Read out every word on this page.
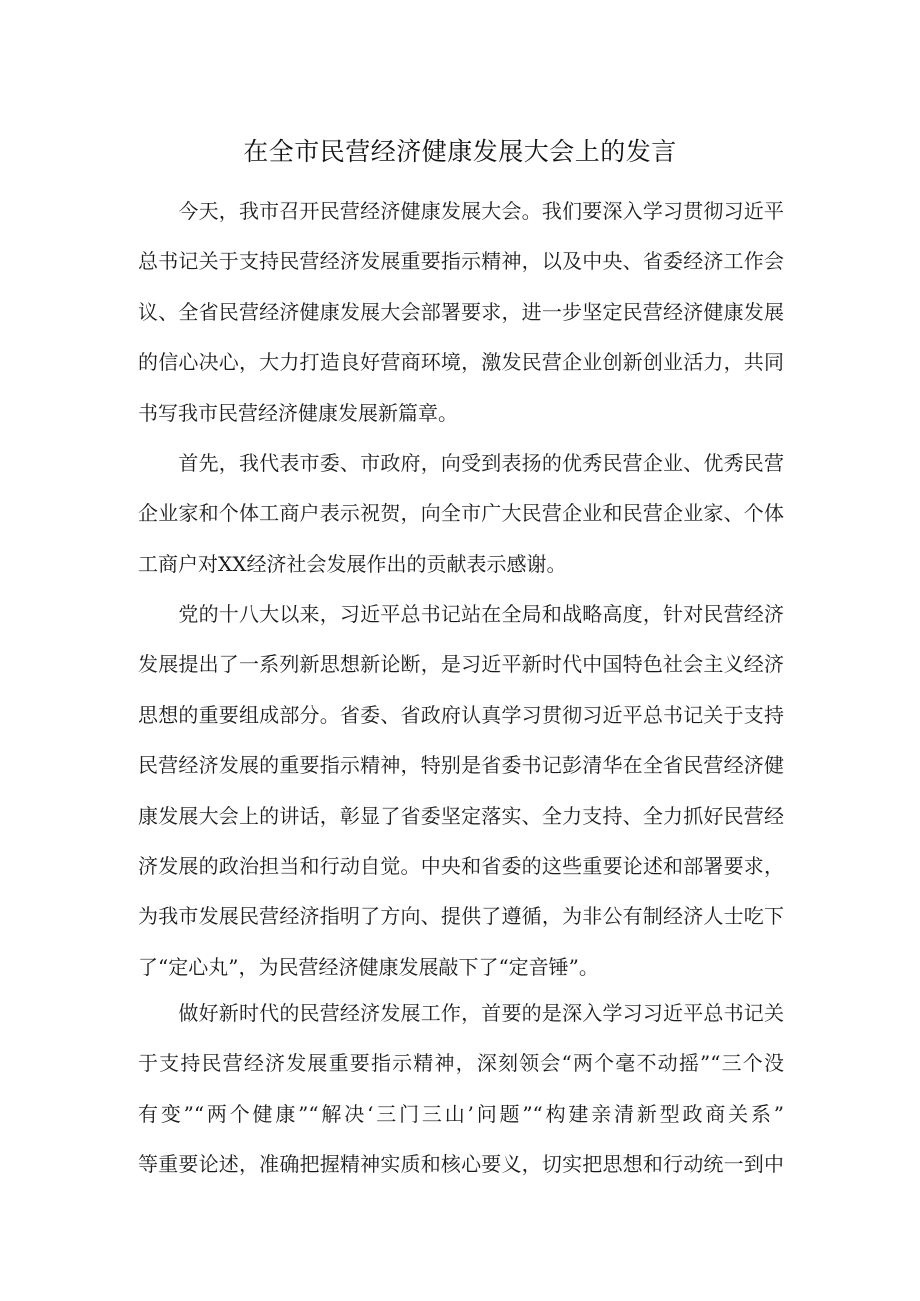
在全市民营经济健康发展大会上的发言
　　今天，我市召开民营经济健康发展大会。我们要深入学习贯彻习近平
总书记关于支持民营经济发展重要指示精神，以及中央、省委经济工作会
议、全省民营经济健康发展大会部署要求，进一步坚定民营经济健康发展
的信心决心，大力打造良好营商环境，激发民营企业创新创业活力，共同
书写我市民营经济健康发展新篇章。
　　首先，我代表市委、市政府，向受到表扬的优秀民营企业、优秀民营
企业家和个体工商户表示祝贺，向全市广大民营企业和民营企业家、个体
工商户对XX经济社会发展作出的贡献表示感谢。
　　党的十八大以来，习近平总书记站在全局和战略高度，针对民营经济
发展提出了一系列新思想新论断，是习近平新时代中国特色社会主义经济
思想的重要组成部分。省委、省政府认真学习贯彻习近平总书记关于支持
民营经济发展的重要指示精神，特别是省委书记彭清华在全省民营经济健
康发展大会上的讲话，彰显了省委坚定落实、全力支持、全力抓好民营经
济发展的政治担当和行动自觉。中央和省委的这些重要论述和部署要求，
为我市发展民营经济指明了方向、提供了遵循，为非公有制经济人士吃下
了“定心丸”，为民营经济健康发展敲下了“定音锤”。
　　做好新时代的民营经济发展工作，首要的是深入学习习近平总书记关
于支持民营经济发展重要指示精神，深刻领会“两个毫不动摇”“三个没
有变”“两个健康”“解决‘三门三山’问题”“构建亲清新型政商关系”
等重要论述，准确把握精神实质和核心要义，切实把思想和行动统一到中
